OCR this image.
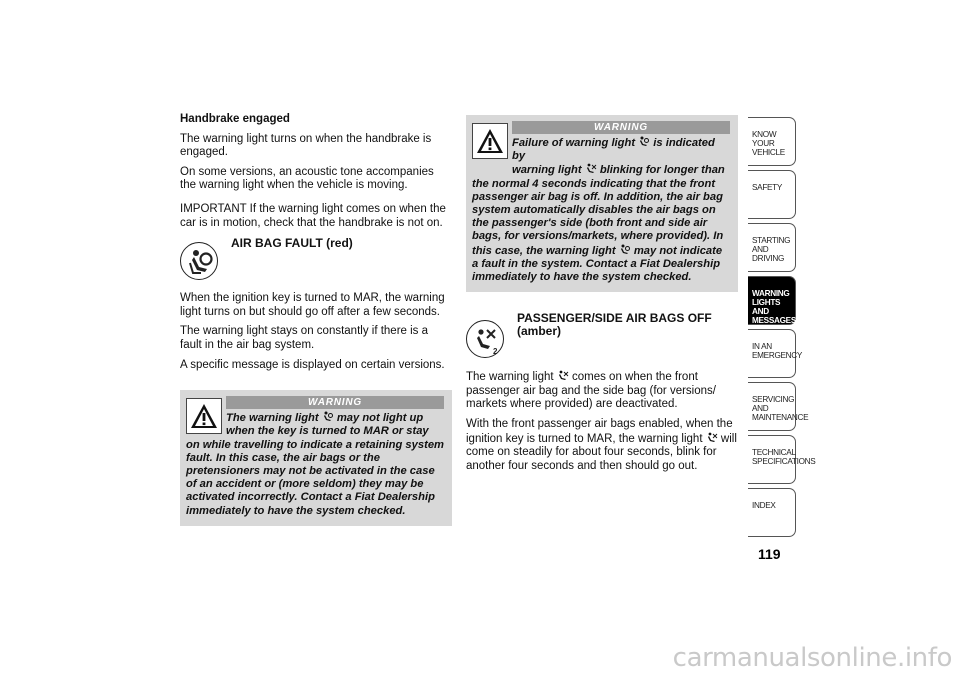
Handbrake engaged

The warning light turns on when the handbrake is engaged.

On some versions, an acoustic tone accompanies the warning light when the vehicle is moving.

IMPORTANT If the warning light comes on when the car is in motion, check that the handbrake is not on.

AIR BAG FAULT (red)

When the ignition key is turned to MAR, the warning light turns on but should go off after a few seconds.

The warning light stays on constantly if there is a fault in the air bag system.

A specific message is displayed on certain versions.

WARNING
The warning light may not light up
when the key is turned to MAR or stay
on while travelling to indicate a retaining system fault. In this case, the air bags or the pretensioners may not be activated in the case of an accident or (more seldom) they may be activated incorrectly. Contact a Fiat Dealership immediately to have the system checked.
WARNING
Failure of warning light is indicated by
warning light blinking for longer than
the normal 4 seconds indicating that the front passenger air bag is off. In addition, the air bag system automatically disables the air bags on the passenger's side (both front and side air bags, for versions/markets, where provided). In this case, the warning light may not indicate a fault in the system. Contact a Fiat Dealership immediately to have the system checked.
2
PASSENGER/SIDE AIR BAGS OFF (amber)

The warning light comes on when the front passenger air bag and the side bag (for versions/ markets where provided) are deactivated.

With the front passenger air bags enabled, when the ignition key is turned to MAR, the warning light will come on steadily for about four seconds, blink for another four seconds and then should go out.

KNOW YOUR VEHICLE
SAFETY
STARTING AND DRIVING
WARNING LIGHTS AND MESSAGES
IN AN EMERGENCY
SERVICING AND MAINTENANCE
TECHNICAL SPECIFICATIONS
INDEX
119
carmanualsonline.info
